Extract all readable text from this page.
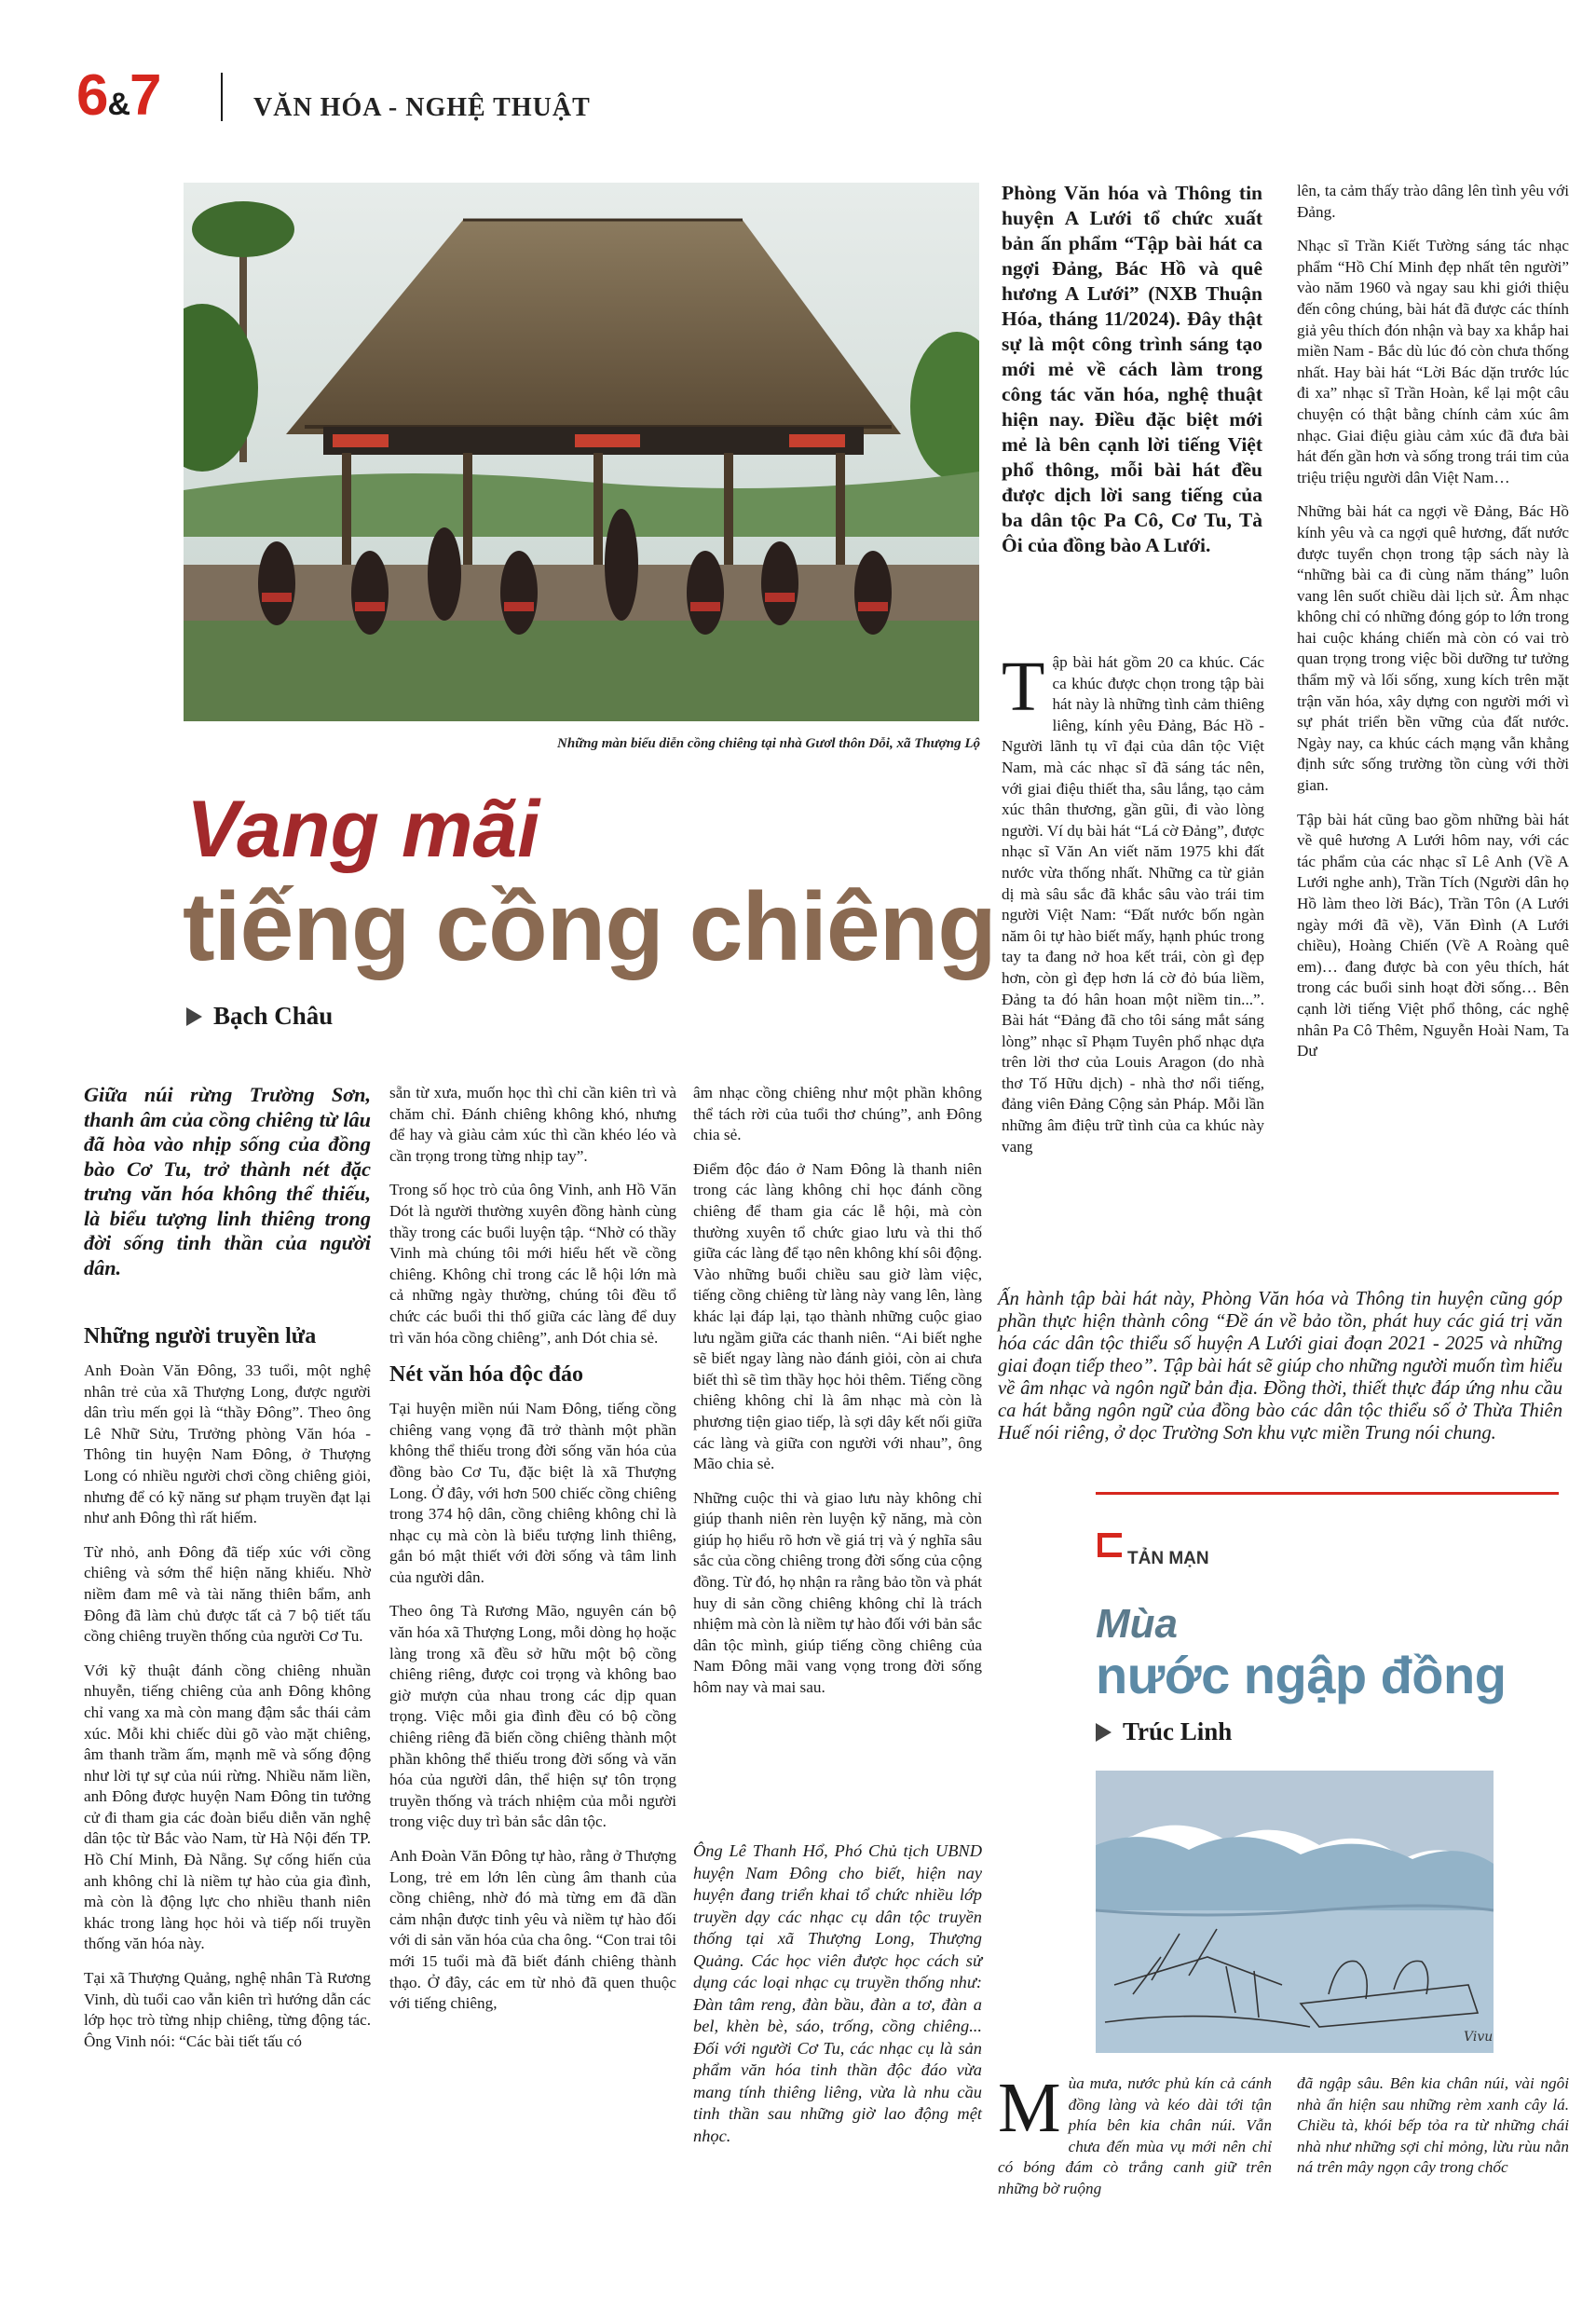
6&7	VĂN HÓA - NGHỆ THUẬT
Những màn biểu diễn cồng chiêng tại nhà Gươl thôn Dỗi, xã Thượng Lộ
Vang mãi
tiếng cồng chiêng
Bạch Châu
Giữa núi rừng Trường Sơn, thanh âm của cồng chiêng từ lâu đã hòa vào nhịp sống của đồng bào Cơ Tu, trở thành nét đặc trưng văn hóa không thể thiếu, là biểu tượng linh thiêng trong đời sống tinh thần của người dân.

Những người truyền lửa

Anh Đoàn Văn Đông, 33 tuổi, một nghệ nhân trẻ của xã Thượng Long, được người dân trìu mến gọi là “thầy Đông”. Theo ông Lê Nhữ Sửu, Trưởng phòng Văn hóa - Thông tin huyện Nam Đông, ở Thượng Long có nhiều người chơi cồng chiêng giỏi, nhưng để có kỹ năng sư phạm truyền đạt lại như anh Đông thì rất hiếm.

Từ nhỏ, anh Đông đã tiếp xúc với cồng chiêng và sớm thể hiện năng khiếu. Nhờ niềm đam mê và tài năng thiên bẩm, anh Đông đã làm chủ được tất cả 7 bộ tiết tấu cồng chiêng truyền thống của người Cơ Tu.

Với kỹ thuật đánh cồng chiêng nhuần nhuyễn, tiếng chiêng của anh Đông không chỉ vang xa mà còn mang đậm sắc thái cảm xúc. Mỗi khi chiếc dùi gõ vào mặt chiêng, âm thanh trầm ấm, mạnh mẽ và sống động như lời tự sự của núi rừng. Nhiều năm liền, anh Đông được huyện Nam Đông tin tưởng cử đi tham gia các đoàn biểu diễn văn nghệ dân tộc từ Bắc vào Nam, từ Hà Nội đến TP. Hồ Chí Minh, Đà Nẵng. Sự cống hiến của anh không chỉ là niềm tự hào của gia đình, mà còn là động lực cho nhiều thanh niên khác trong làng học hỏi và tiếp nối truyền thống văn hóa này.

Tại xã Thượng Quảng, nghệ nhân Tà Rương Vinh, dù tuổi cao vẫn kiên trì hướng dẫn các lớp học trò từng nhịp chiêng, từng động tác. Ông Vinh nói: “Các bài tiết tấu có

sẵn từ xưa, muốn học thì chỉ cần kiên trì và chăm chỉ. Đánh chiêng không khó, nhưng để hay và giàu cảm xúc thì cần khéo léo và cần trọng trong từng nhịp tay”.

Trong số học trò của ông Vinh, anh Hồ Văn Dót là người thường xuyên đồng hành cùng thầy trong các buổi luyện tập. “Nhờ có thầy Vinh mà chúng tôi mới hiểu hết về cồng chiêng. Không chỉ trong các lễ hội lớn mà cả những ngày thường, chúng tôi đều tổ chức các buổi thi thố giữa các làng để duy trì văn hóa cồng chiêng”, anh Dót chia sẻ.

Nét văn hóa độc đáo

Tại huyện miền núi Nam Đông, tiếng cồng chiêng vang vọng đã trở thành một phần không thể thiếu trong đời sống văn hóa của đồng bào Cơ Tu, đặc biệt là xã Thượng Long. Ở đây, với hơn 500 chiếc cồng chiêng trong 374 hộ dân, cồng chiêng không chỉ là nhạc cụ mà còn là biểu tượng linh thiêng, gắn bó mật thiết với đời sống và tâm linh của người dân.

Theo ông Tà Rương Mão, nguyên cán bộ văn hóa xã Thượng Long, mỗi dòng họ hoặc làng trong xã đều sở hữu một bộ cồng chiêng riêng, được coi trọng và không bao giờ mượn của nhau trong các dịp quan trọng. Việc mỗi gia đình đều có bộ cồng chiêng riêng đã biến cồng chiêng thành một phần không thể thiếu trong đời sống và văn hóa của người dân, thể hiện sự tôn trọng truyền thống và trách nhiệm của mỗi người trong việc duy trì bản sắc dân tộc.

Anh Đoàn Văn Đông tự hào, rằng ở Thượng Long, trẻ em lớn lên cùng âm thanh của cồng chiêng, nhờ đó mà từng em đã dần cảm nhận được tinh yêu và niềm tự hào đối với di sản văn hóa của cha ông. “Con trai tôi mới 15 tuổi mà đã biết đánh chiêng thành thạo. Ở đây, các em từ nhỏ đã quen thuộc với tiếng chiêng,

âm nhạc cồng chiêng như một phần không thể tách rời của tuổi thơ chúng”, anh Đông chia sẻ.

Điểm độc đáo ở Nam Đông là thanh niên trong các làng không chỉ học đánh cồng chiêng để tham gia các lễ hội, mà còn thường xuyên tổ chức giao lưu và thi thố giữa các làng để tạo nên không khí sôi động. Vào những buổi chiều sau giờ làm việc, tiếng cồng chiêng từ làng này vang lên, làng khác lại đáp lại, tạo thành những cuộc giao lưu ngầm giữa các thanh niên. “Ai biết nghe sẽ biết ngay làng nào đánh giỏi, còn ai chưa biết thì sẽ tìm thầy học hỏi thêm. Tiếng cồng chiêng không chỉ là âm nhạc mà còn là phương tiện giao tiếp, là sợi dây kết nối giữa các làng và giữa con người với nhau”, ông Mão chia sẻ.

Những cuộc thi và giao lưu này không chỉ giúp thanh niên rèn luyện kỹ năng, mà còn giúp họ hiểu rõ hơn về giá trị và ý nghĩa sâu sắc của cồng chiêng trong đời sống của cộng đồng. Từ đó, họ nhận ra rằng bảo tồn và phát huy di sản cồng chiêng không chỉ là trách nhiệm mà còn là niềm tự hào đối với bản sắc dân tộc mình, giúp tiếng cồng chiêng của Nam Đông mãi vang vọng trong đời sống hôm nay và mai sau.

Ông Lê Thanh Hổ, Phó Chủ tịch UBND huyện Nam Đông cho biết, hiện nay huyện đang triển khai tổ chức nhiều lớp truyền dạy các nhạc cụ dân tộc truyền thống tại xã Thượng Long, Thượng Quảng. Các học viên được học cách sử dụng các loại nhạc cụ truyền thống như: Đàn tâm reng, đàn bầu, đàn a tơ, đàn a bel, khèn bè, sáo, trống, cồng chiêng... Đối với người Cơ Tu, các nhạc cụ là sản phẩm văn hóa tinh thần độc đáo vừa mang tính thiêng liêng, vừa là nhu cầu tinh thần sau những giờ lao động mệt nhọc.
Phòng Văn hóa và Thông tin huyện A Lưới tổ chức xuất bản ấn phẩm “Tập bài hát ca ngợi Đảng, Bác Hồ và quê hương A Lưới” (NXB Thuận Hóa, tháng 11/2024). Đây thật sự là một công trình sáng tạo mới mẻ về cách làm trong công tác văn hóa, nghệ thuật hiện nay. Điều đặc biệt mới mẻ là bên cạnh lời tiếng Việt phổ thông, mỗi bài hát đều được dịch lời sang tiếng của ba dân tộc Pa Cô, Cơ Tu, Tà Ôi của đồng bào A Lưới.
Tập bài hát gồm 20 ca khúc. Các ca khúc được chọn trong tập bài hát này là những tình cảm thiêng liêng, kính yêu Đảng, Bác Hồ - Người lãnh tụ vĩ đại của dân tộc Việt Nam, mà các nhạc sĩ đã sáng tác nên, với giai điệu thiết tha, sâu lắng, tạo cảm xúc thân thương, gần gũi, đi vào lòng người. Ví dụ bài hát “Lá cờ Đảng”, được nhạc sĩ Văn An viết năm 1975 khi đất nước vừa thống nhất. Những ca từ giản dị mà sâu sắc đã khắc sâu vào trái tim người Việt Nam: “Đất nước bốn ngàn năm ôi tự hào biết mấy, hạnh phúc trong tay ta đang nở hoa kết trái, còn gì đẹp hơn, còn gì đẹp hơn lá cờ đỏ búa liềm, Đảng ta đó hân hoan một niềm tin...”. Bài hát “Đảng đã cho tôi sáng mắt sáng lòng” nhạc sĩ Phạm Tuyên phổ nhạc dựa trên lời thơ của Louis Aragon (do nhà thơ Tố Hữu dịch) - nhà thơ nổi tiếng, đảng viên Đảng Cộng sản Pháp. Mỗi lần những âm điệu trữ tình của ca khúc này vang

lên, ta cảm thấy trào dâng lên tình yêu với Đảng.

Nhạc sĩ Trần Kiết Tường sáng tác nhạc phẩm “Hồ Chí Minh đẹp nhất tên người” vào năm 1960 và ngay sau khi giới thiệu đến công chúng, bài hát đã được các thính giả yêu thích đón nhận và bay xa khắp hai miền Nam - Bắc dù lúc đó còn chưa thống nhất. Hay bài hát “Lời Bác dặn trước lúc đi xa” nhạc sĩ Trần Hoàn, kể lại một câu chuyện có thật bằng chính cảm xúc âm nhạc. Giai điệu giàu cảm xúc đã đưa bài hát đến gần hơn và sống trong trái tim của triệu triệu người dân Việt Nam…

Những bài hát ca ngợi về Đảng, Bác Hồ kính yêu và ca ngợi quê hương, đất nước được tuyển chọn trong tập sách này là “những bài ca đi cùng năm tháng” luôn vang lên suốt chiều dài lịch sử. Âm nhạc không chỉ có những đóng góp to lớn trong hai cuộc kháng chiến mà còn có vai trò quan trọng trong việc bồi dưỡng tư tưởng thẩm mỹ và lối sống, xung kích trên mặt trận văn hóa, xây dựng con người mới vì sự phát triển bền vững của đất nước. Ngày nay, ca khúc cách mạng vẫn khẳng định sức sống trường tồn cùng với thời gian.

Tập bài hát cũng bao gồm những bài hát về quê hương A Lưới hôm nay, với các tác phẩm của các nhạc sĩ Lê Anh (Về A Lưới nghe anh), Trần Tích (Người dân họ Hồ làm theo lời Bác), Trần Tôn (A Lưới ngày mới đã về), Văn Đình (A Lưới chiều), Hoàng Chiến (Về A Roàng quê em)… đang được bà con yêu thích, hát trong các buổi sinh hoạt đời sống… Bên cạnh lời tiếng Việt phổ thông, các nghệ nhân Pa Cô Thêm, Nguyễn Hoài Nam, Ta Dư

Ấn hành tập bài hát này, Phòng Văn hóa và Thông tin huyện cũng góp phần thực hiện thành công “Đề án về bảo tồn, phát huy các giá trị văn hóa các dân tộc thiểu số huyện A Lưới giai đoạn 2021 - 2025 và những giai đoạn tiếp theo”. Tập bài hát sẽ giúp cho những người muốn tìm hiểu về âm nhạc và ngôn ngữ bản địa. Đồng thời, thiết thực đáp ứng nhu cầu ca hát bằng ngôn ngữ của đồng bào các dân tộc thiểu số ở Thừa Thiên Huế nói riêng, ở dọc Trường Sơn khu vực miền Trung nói chung.
TẢN MẠN
Mùa
nước ngập đồng
Trúc Linh
Vivu
Mùa mưa, nước phủ kín cả cánh đồng làng và kéo dài tới tận phía bên kia chân núi. Vẫn chưa đến mùa vụ mới nên chỉ có bóng đám cò trắng canh giữ trên những bờ ruộng
đã ngập sâu. Bên kia chân núi, vài ngôi nhà ẩn hiện sau những rèm xanh cây lá. Chiều tà, khói bếp tỏa ra từ những chái nhà như những sợi chỉ mỏng, lừu rùu nằn ná trên mây ngọn cây trong chốc
